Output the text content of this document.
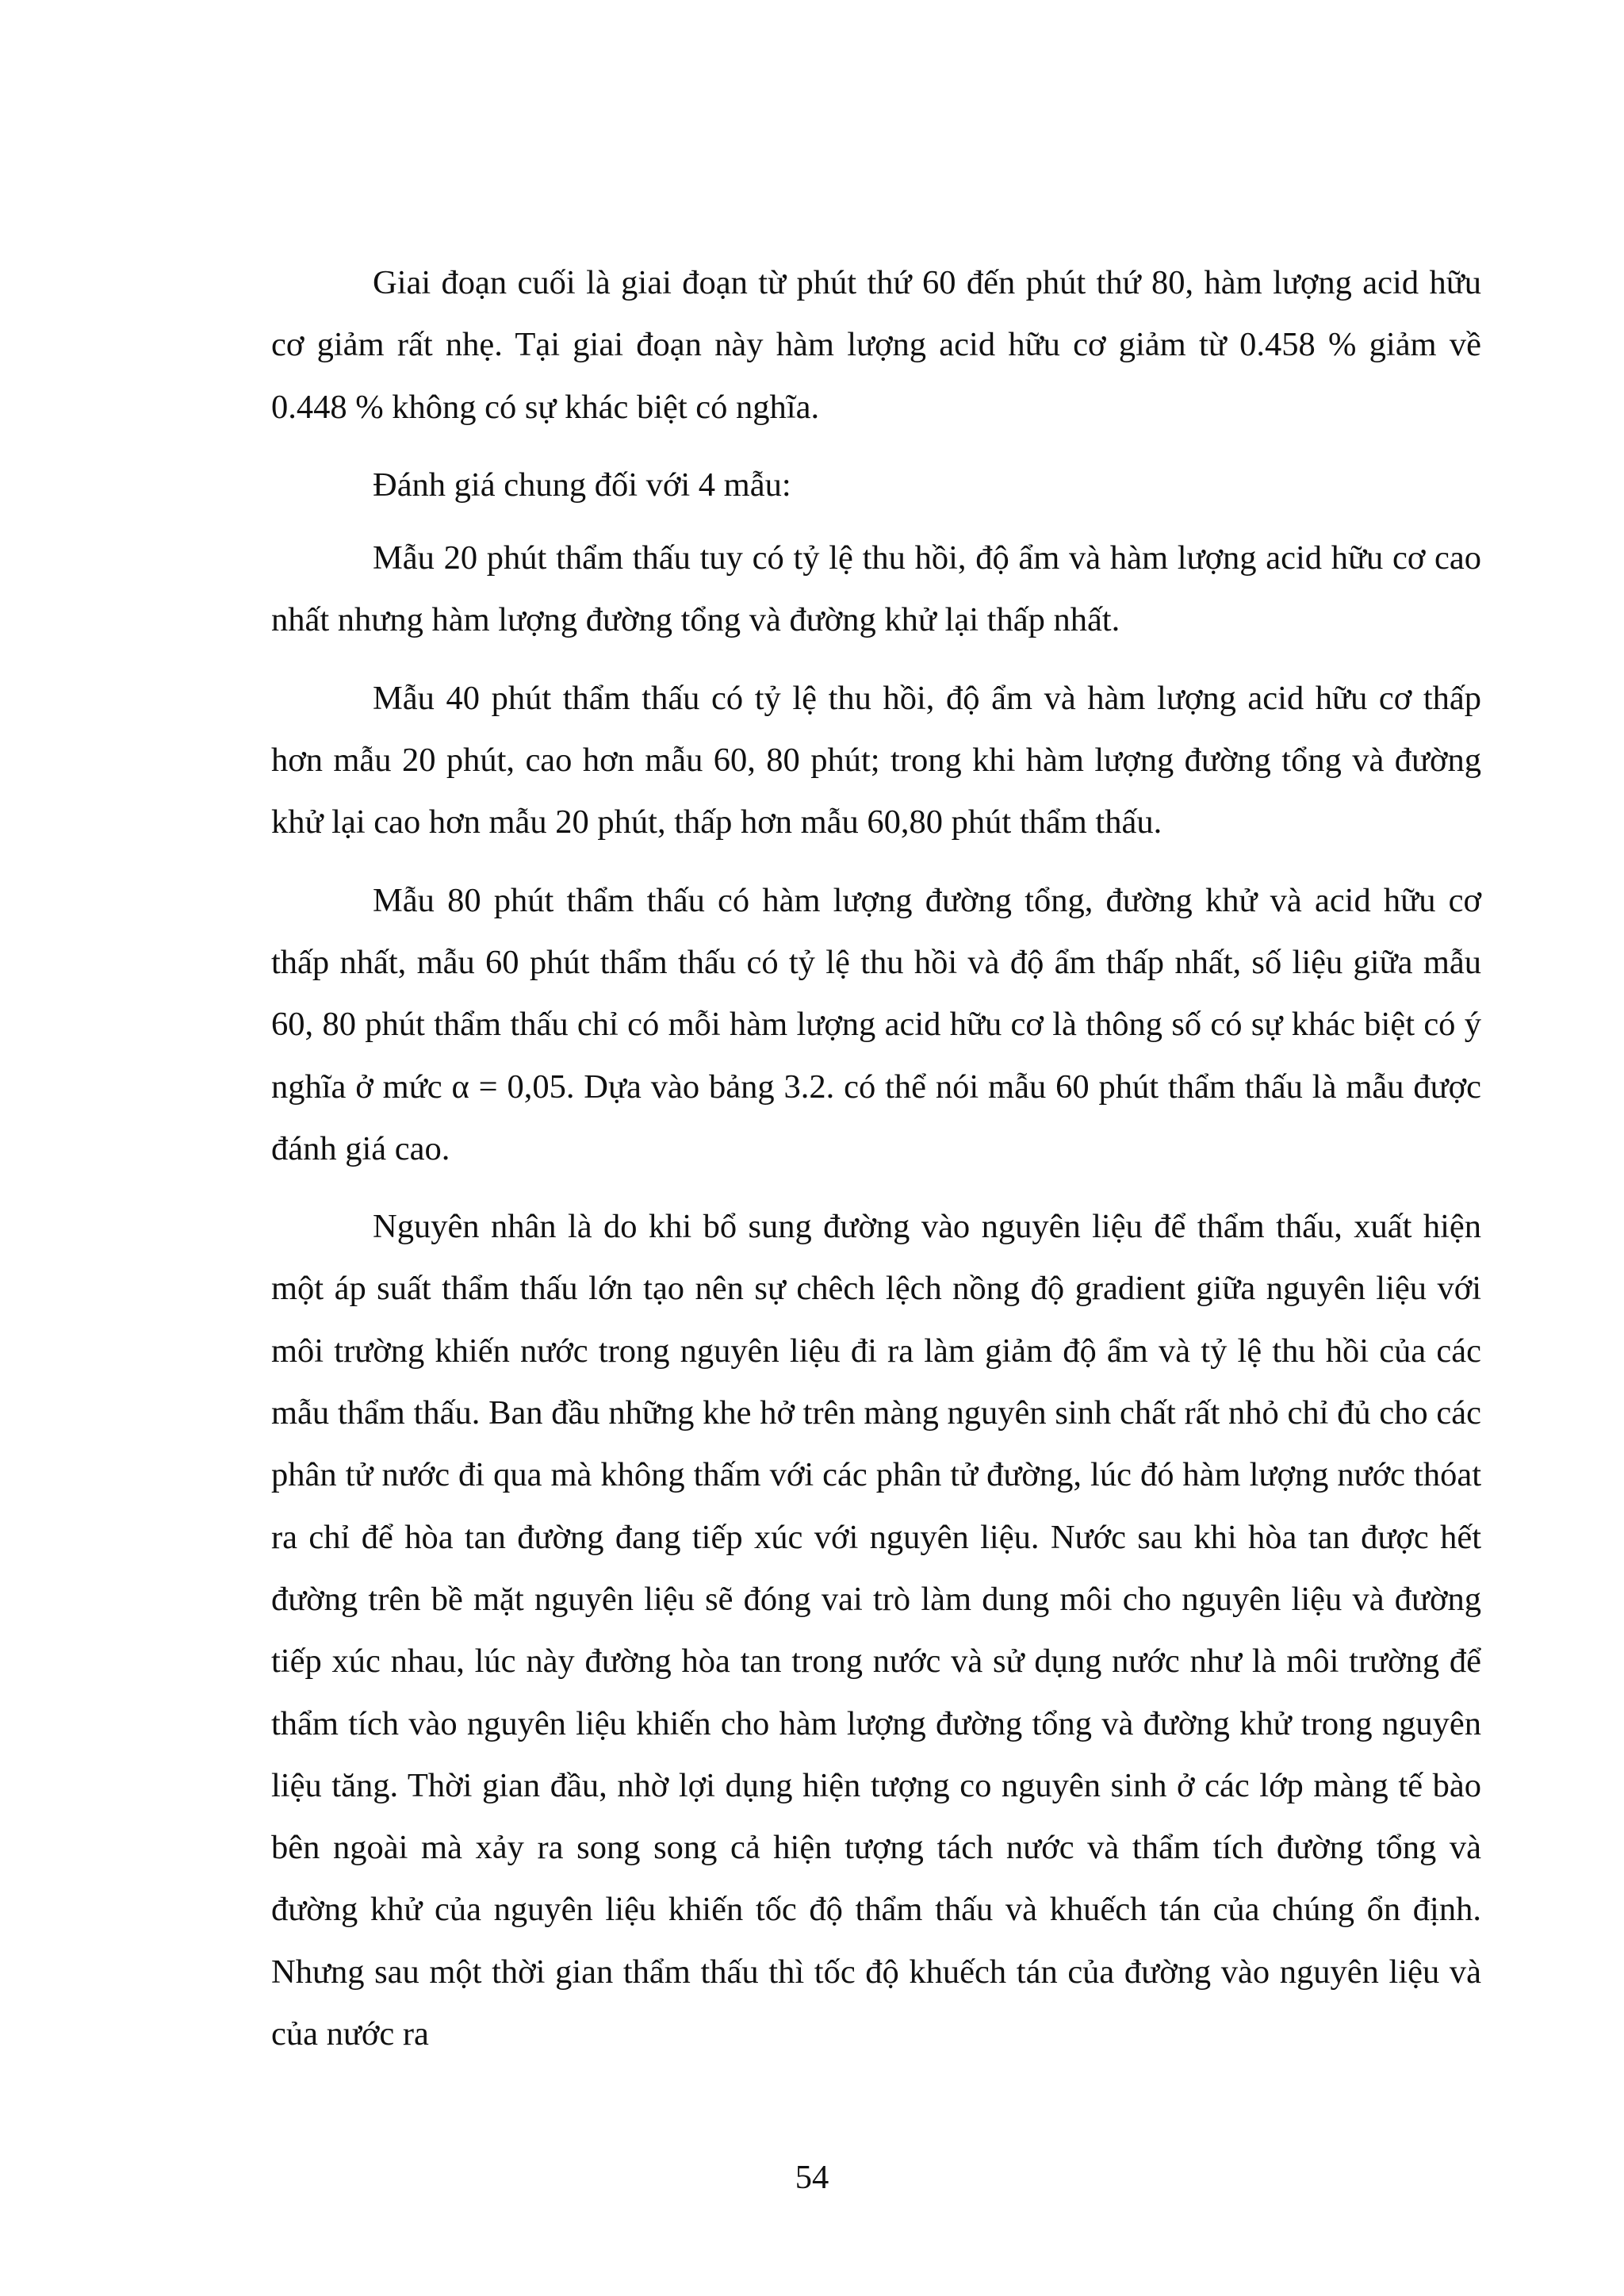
Giai đoạn cuối là giai đoạn từ phút thứ 60 đến phút thứ 80, hàm lượng acid hữu cơ giảm rất nhẹ. Tại giai đoạn này hàm lượng acid hữu cơ giảm từ 0.458 % giảm về 0.448 % không có sự khác biệt có nghĩa.

Đánh giá chung đối với 4 mẫu:

Mẫu 20 phút thẩm thấu tuy có tỷ lệ thu hồi, độ ẩm và hàm lượng acid hữu cơ cao nhất nhưng hàm lượng đường tổng và đường khử lại thấp nhất.

Mẫu 40 phút thẩm thấu có tỷ lệ thu hồi, độ ẩm và hàm lượng acid hữu cơ thấp hơn mẫu 20 phút, cao hơn mẫu 60, 80 phút; trong khi hàm lượng đường tổng và đường khử lại cao hơn mẫu 20 phút, thấp hơn mẫu 60,80 phút thẩm thấu.

Mẫu 80 phút thẩm thấu có hàm lượng đường tổng, đường khử và acid hữu cơ thấp nhất, mẫu 60 phút thẩm thấu có tỷ lệ thu hồi và độ ẩm thấp nhất, số liệu giữa mẫu 60, 80 phút thẩm thấu chỉ có mỗi hàm lượng acid hữu cơ là thông số có sự khác biệt có ý nghĩa ở mức α = 0,05. Dựa vào bảng 3.2. có thể nói mẫu 60 phút thẩm thấu là mẫu được đánh giá cao.

Nguyên nhân là do khi bổ sung đường vào nguyên liệu để thẩm thấu, xuất hiện một áp suất thẩm thấu lớn tạo nên sự chêch lệch nồng độ gradient giữa nguyên liệu với môi trường khiến nước trong nguyên liệu đi ra làm giảm độ ẩm và tỷ lệ thu hồi của các mẫu thẩm thấu. Ban đầu những khe hở trên màng nguyên sinh chất rất nhỏ chỉ đủ cho các phân tử nước đi qua mà không thấm với các phân tử đường, lúc đó hàm lượng nước thóat ra chỉ để hòa tan đường đang tiếp xúc với nguyên liệu. Nước sau khi hòa tan được hết đường trên bề mặt nguyên liệu sẽ đóng vai trò làm dung môi cho nguyên liệu và đường tiếp xúc nhau, lúc này đường hòa tan trong nước và sử dụng nước như là môi trường để thẩm tích vào nguyên liệu khiến cho hàm lượng đường tổng và đường khử trong nguyên liệu tăng. Thời gian đầu, nhờ lợi dụng hiện tượng co nguyên sinh ở các lớp màng tế bào bên ngoài mà xảy ra song song cả hiện tượng tách nước và thẩm tích đường tổng và đường khử của nguyên liệu khiến tốc độ thẩm thấu và khuếch tán của chúng ổn định. Nhưng sau một thời gian thẩm thấu thì tốc độ khuếch tán của đường vào nguyên liệu và của nước ra

54
